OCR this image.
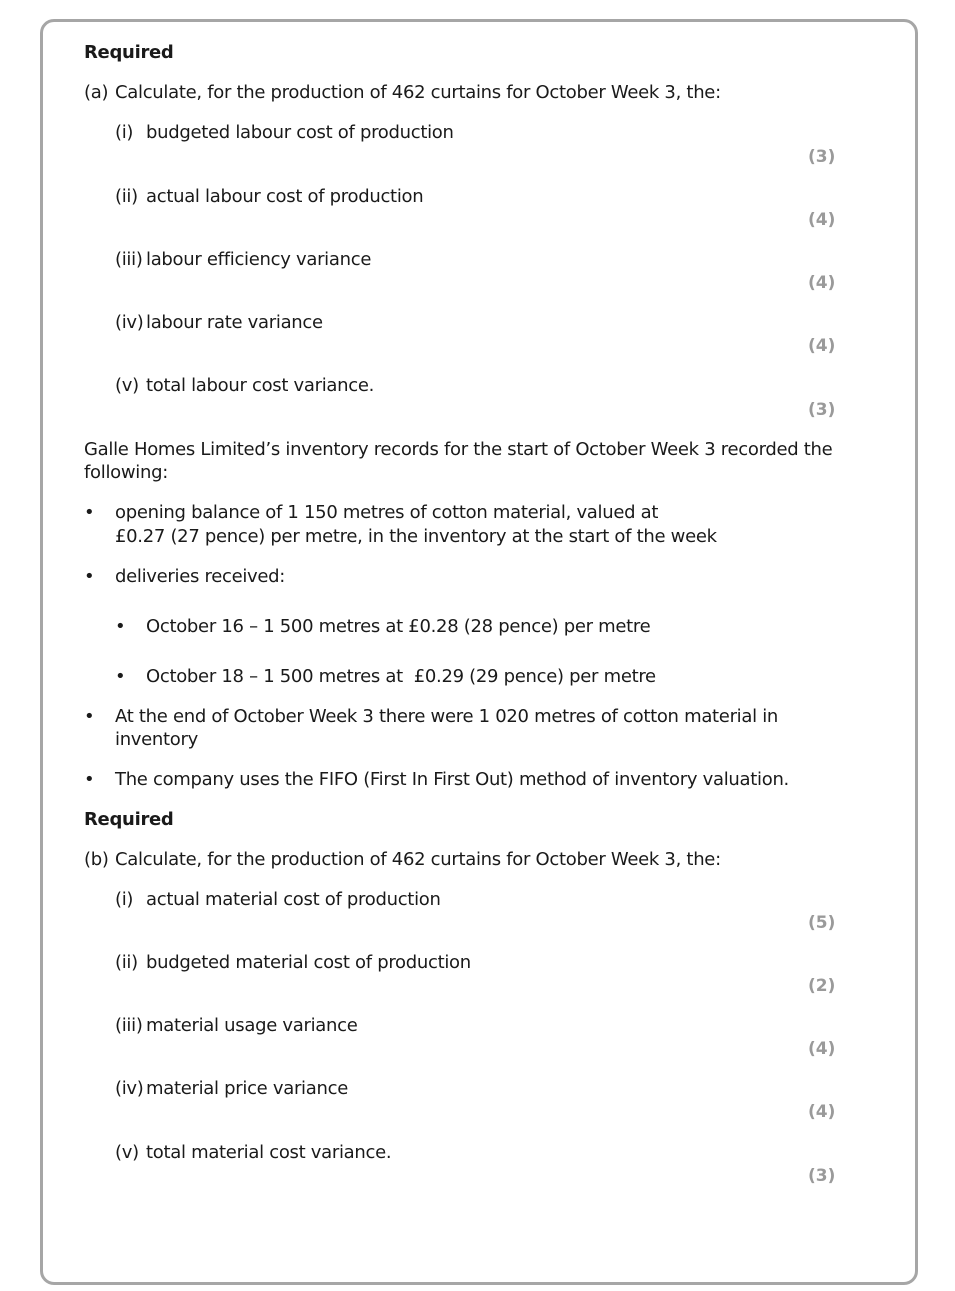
Required
(a) Calculate, for the production of 462 curtains for October Week 3, the:
(i) budgeted labour cost of production
(3)
(ii) actual labour cost of production
(4)
(iii) labour efficiency variance
(4)
(iv) labour rate variance
(4)
(v) total labour cost variance.
(3)
Galle Homes Limited’s inventory records for the start of October Week 3 recorded the
following:
• opening balance of 1 150 metres of cotton material, valued at
£0.27 (27 pence) per metre, in the inventory at the start of the week
• deliveries received:
• October 16 – 1 500 metres at £0.28 (28 pence) per metre
• October 18 – 1 500 metres at  £0.29 (29 pence) per metre
• At the end of October Week 3 there were 1 020 metres of cotton material in
inventory
• The company uses the FIFO (First In First Out) method of inventory valuation.
Required
(b) Calculate, for the production of 462 curtains for October Week 3, the:
(i) actual material cost of production
(5)
(ii) budgeted material cost of production
(2)
(iii) material usage variance
(4)
(iv) material price variance
(4)
(v) total material cost variance.
(3)
